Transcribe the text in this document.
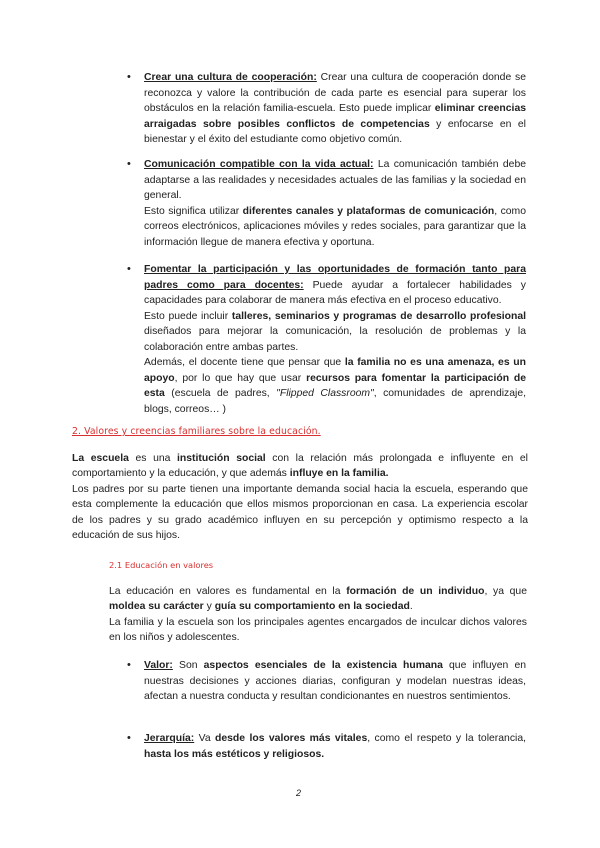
• Crear una cultura de cooperación: Crear una cultura de cooperación donde se reconozca y valore la contribución de cada parte es esencial para superar los obstáculos en la relación familia-escuela. Esto puede implicar eliminar creencias arraigadas sobre posibles conflictos de competencias y enfocarse en el bienestar y el éxito del estudiante como objetivo común.

• Comunicación compatible con la vida actual: La comunicación también debe adaptarse a las realidades y necesidades actuales de las familias y la sociedad en general.

Esto significa utilizar diferentes canales y plataformas de comunicación, como correos electrónicos, aplicaciones móviles y redes sociales, para garantizar que la información llegue de manera efectiva y oportuna.

• Fomentar la participación y las oportunidades de formación tanto para padres como para docentes: Puede ayudar a fortalecer habilidades y capacidades para colaborar de manera más efectiva en el proceso educativo.

Esto puede incluir talleres, seminarios y programas de desarrollo profesional diseñados para mejorar la comunicación, la resolución de problemas y la colaboración entre ambas partes.

Además, el docente tiene que pensar que la familia no es una amenaza, es un apoyo, por lo que hay que usar recursos para fomentar la participación de esta (escuela de padres, "Flipped Classroom", comunidades de aprendizaje, blogs, correos… )

2. Valores y creencias familiares sobre la educación.

La escuela es una institución social con la relación más prolongada e influyente en el comportamiento y la educación, y que además influye en la familia.

Los padres por su parte tienen una importante demanda social hacia la escuela, esperando que esta complemente la educación que ellos mismos proporcionan en casa. La experiencia escolar de los padres y su grado académico influyen en su percepción y optimismo respecto a la educación de sus hijos.

2.1 Educación en valores

La educación en valores es fundamental en la formación de un individuo, ya que moldea su carácter y guía su comportamiento en la sociedad.

La familia y la escuela son los principales agentes encargados de inculcar dichos valores en los niños y adolescentes.

• Valor: Son aspectos esenciales de la existencia humana que influyen en nuestras decisiones y acciones diarias, configuran y modelan nuestras ideas, afectan a nuestra conducta y resultan condicionantes en nuestros sentimientos.

• Jerarquía: Va desde los valores más vitales, como el respeto y la tolerancia, hasta los más estéticos y religiosos.

2
